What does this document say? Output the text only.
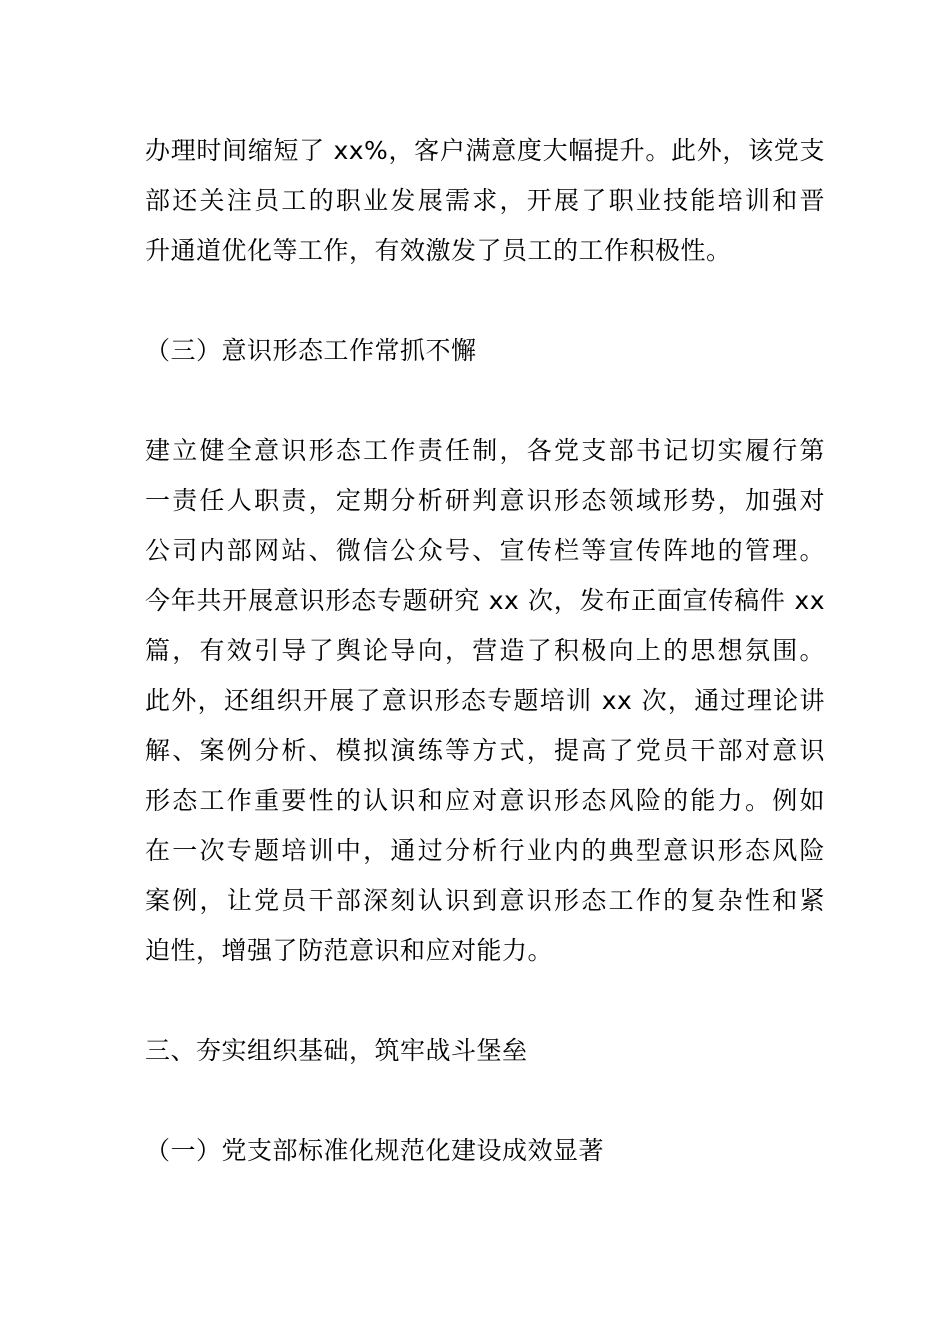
办理时间缩短了 xx%，客户满意度大幅提升。此外，该党支
部还关注员工的职业发展需求，开展了职业技能培训和晋
升通道优化等工作，有效激发了员工的工作积极性。
（三）意识形态工作常抓不懈
建立健全意识形态工作责任制，各党支部书记切实履行第
一责任人职责，定期分析研判意识形态领域形势，加强对
公司内部网站、微信公众号、宣传栏等宣传阵地的管理。
今年共开展意识形态专题研究 xx 次，发布正面宣传稿件 xx
篇，有效引导了舆论导向，营造了积极向上的思想氛围。
此外，还组织开展了意识形态专题培训 xx 次，通过理论讲
解、案例分析、模拟演练等方式，提高了党员干部对意识
形态工作重要性的认识和应对意识形态风险的能力。例如
在一次专题培训中，通过分析行业内的典型意识形态风险
案例，让党员干部深刻认识到意识形态工作的复杂性和紧
迫性，增强了防范意识和应对能力。
三、夯实组织基础，筑牢战斗堡垒
（一）党支部标准化规范化建设成效显著
